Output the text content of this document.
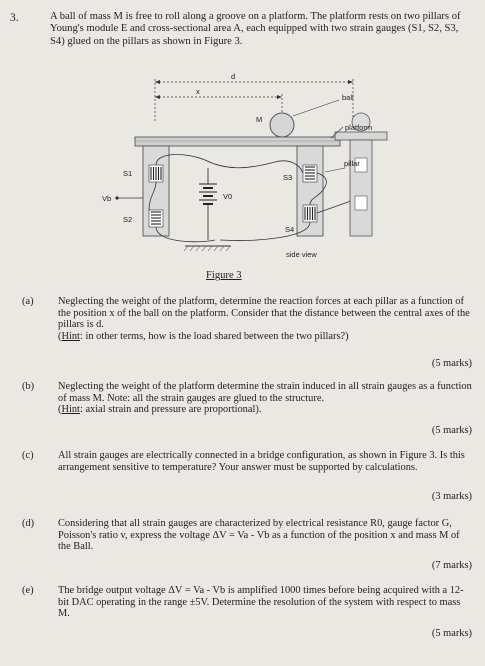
3.	A ball of mass M is free to roll along a groove on a platform. The platform rests on two pillars of Young's module E and cross-sectional area A, each equipped with two strain gauges (S1, S2, S3, S4) glued on the pillars as shown in Figure 3.
d
x
M
S1
S2
S3
S4
Vb	V0
ball
platform
pillar
side view
Figure 3
(a) Neglecting the weight of the platform, determine the reaction forces at each pillar as a function of the position x of the ball on the platform. Consider that the distance between the central axes of the pillars is d.
(Hint: in other terms, how is the load shared between the two pillars?)
(5 marks)
(b) Neglecting the weight of the platform determine the strain induced in all strain gauges as a function of mass M. Note: all the strain gauges are glued to the structure.
(Hint: axial strain and pressure are proportional).
(5 marks)
(c) All strain gauges are electrically connected in a bridge configuration, as shown in Figure 3. Is this arrangement sensitive to temperature? Your answer must be supported by calculations.
(3 marks)
(d) Considering that all strain gauges are characterized by electrical resistance R0, gauge factor G, Poisson's ratio v, express the voltage ΔV = Va - Vb as a function of the position x and mass M of the Ball.
(7 marks)
(e) The bridge output voltage ΔV = Va - Vb is amplified 1000 times before being acquired with a 12-bit DAC operating in the range ±5V. Determine the resolution of the system with respect to mass M.
(5 marks)
